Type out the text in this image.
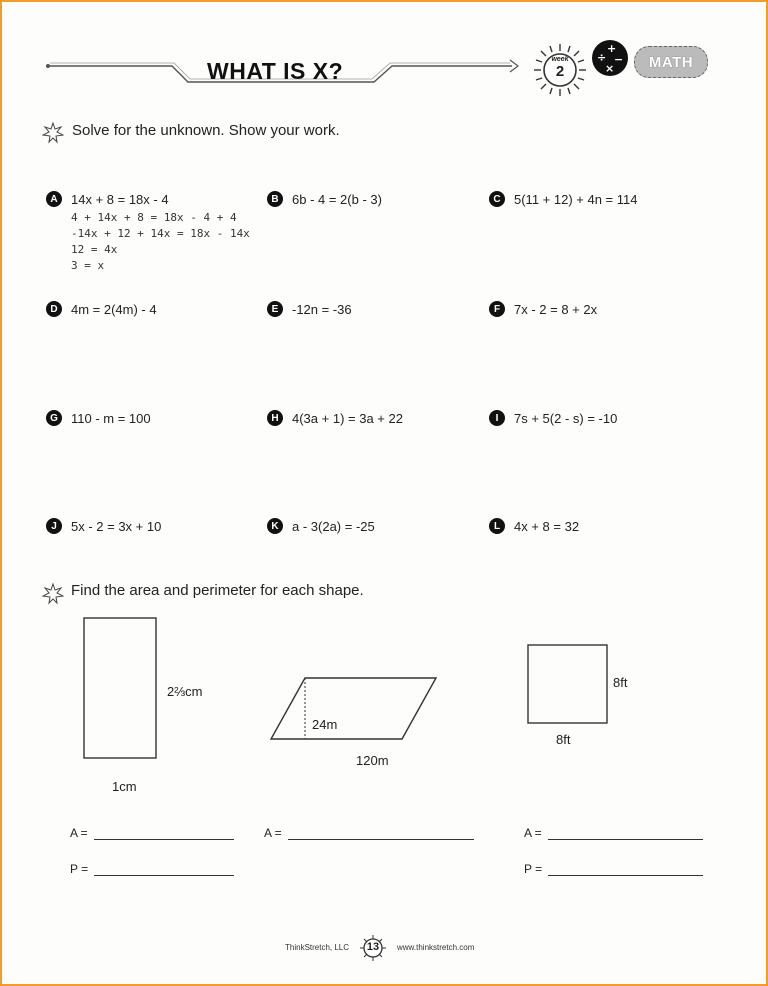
WHAT IS X?	week
2
+
÷ −
×	MATH
Solve for the unknown. Show your work.
A	14x + 8 = 18x - 4	B	6b - 4 = 2(b - 3)	C	5(11 + 12) + 4n = 114
4 + 14x + 8 = 18x - 4 + 4
-14x + 12 + 14x = 18x - 14x
12 = 4x
3 = x
D	4m = 2(4m) - 4	E	-12n = -36	F	7x - 2 = 8 + 2x
G	110 - m = 100	H	4(3a + 1) = 3a + 22	I	7s + 5(2 - s) = -10
J	5x - 2 = 3x + 10	K	a - 3(2a) = -25	L	4x + 8 = 32
Find the area and perimeter for each shape.
2⅔cm
1cm
24m
120m
8ft
8ft
A =
P =
A =	A =
P =
ThinkStretch, LLC	13	www.thinkstretch.com
